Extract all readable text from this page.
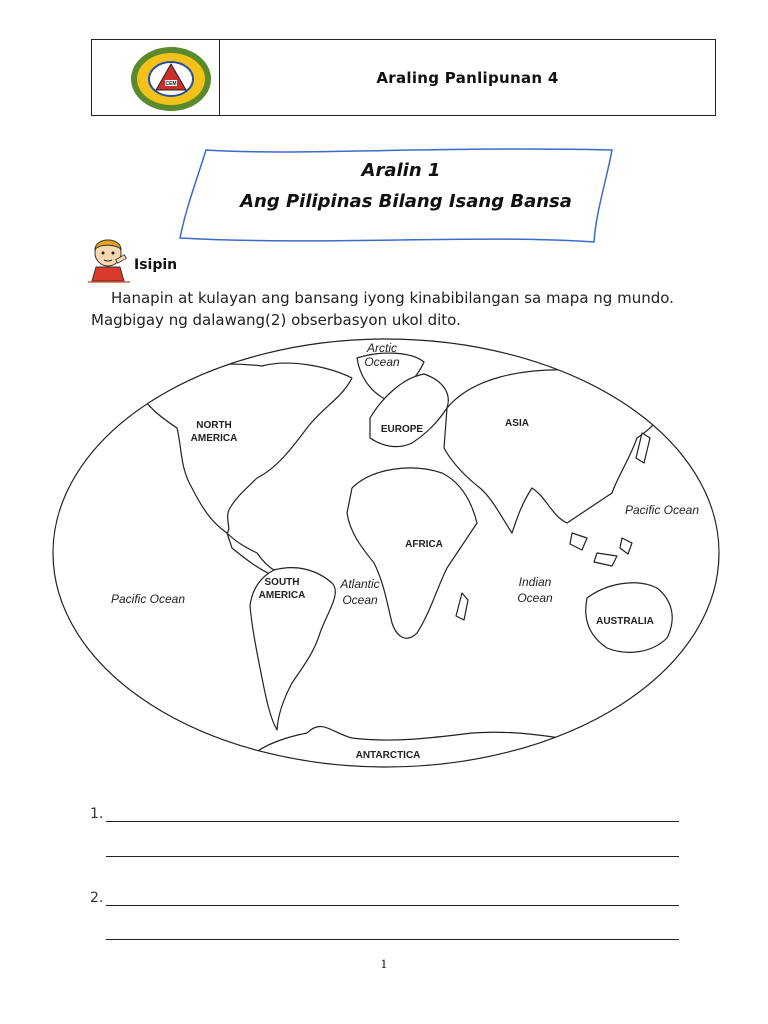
CEM	Araling Panlipunan 4
Aralin 1
Ang Pilipinas Bilang Isang Bansa
Isipin
Hanapin at kulayan ang bansang iyong kinabibilangan sa mapa ng mundo. Magbigay ng dalawang(2) obserbasyon ukol dito.
Arctic
Ocean
NORTH
AMERICA
EUROPE
ASIA
Pacific Ocean
AFRICA
SOUTH
AMERICA
Atlantic
Ocean
Indian
Ocean
Pacific Ocean
AUSTRALIA
ANTARCTICA
1.
2.
1
